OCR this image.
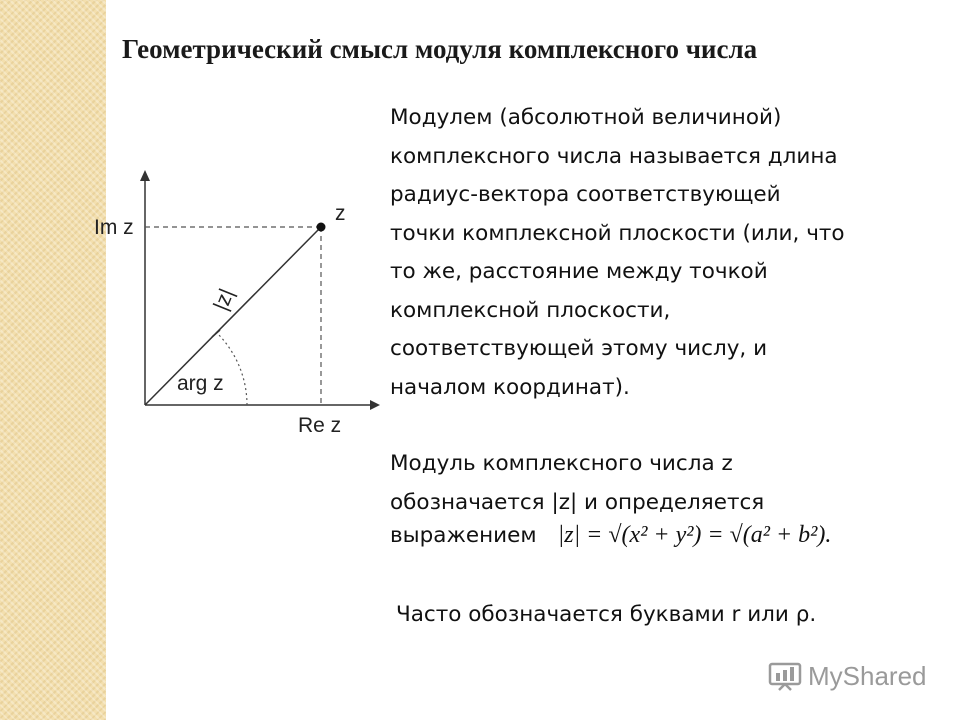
Геометрический смысл модуля комплексного числа
Im z
z
|z|
arg z
Re z

Модулем (абсолютной величиной)
комплексного числа называется длина
радиус-вектора соответствующей
точки комплексной плоскости (или, что
то же, расстояние между точкой
комплексной плоскости,
соответствующей этому числу, и
началом координат).

Модуль комплексного числа z
обозначается |z| и определяется

выражением |z| = √(x² + y²) = √(a² + b²).

Часто обозначается буквами r или ρ.

MyShared
